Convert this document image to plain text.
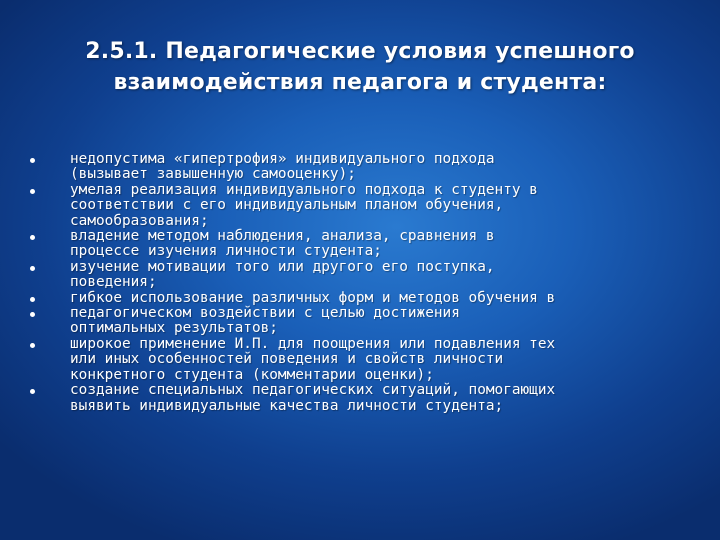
2.5.1. Педагогические условия успешного
взаимодействия педагога и студента:
недопустима «гипертрофия» индивидуального подхода
(вызывает завышенную самооценку);
умелая реализация индивидуального подхода к студенту в
соответствии с его индивидуальным планом обучения,
самообразования;
владение методом наблюдения, анализа, сравнения в
процессе изучения личности студента;
изучение мотивации того или другого его поступка,
поведения;
гибкое использование различных форм и методов обучения в
педагогическом воздействии с целью достижения
оптимальных результатов;
широкое применение И.П. для поощрения или подавления тех
или иных особенностей поведения и свойств личности
конкретного студента (комментарии оценки);
создание специальных педагогических ситуаций, помогающих
выявить индивидуальные качества личности студента;
